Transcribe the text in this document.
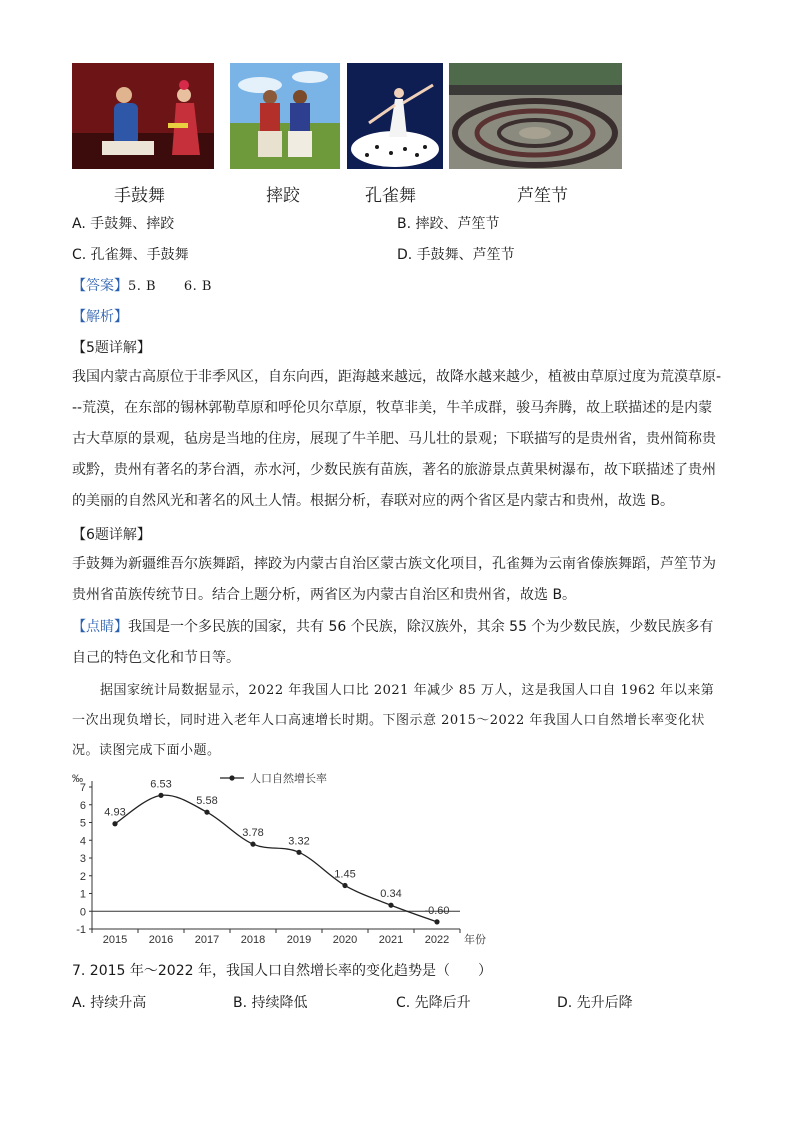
手鼓舞	摔跤	孔雀舞	芦笙节
A. 手鼓舞、摔跤	B. 摔跤、芦笙节
C. 孔雀舞、手鼓舞	D. 手鼓舞、芦笙节
【答案】5. B      6. B
【解析】
【5题详解】

我国内蒙古高原位于非季风区，自东向西，距海越来越远，故降水越来越少，植被由草原过度为荒漠草原---荒漠，在东部的锡林郭勒草原和呼伦贝尔草原，牧草非美，牛羊成群，骏马奔腾，故上联描述的是内蒙古大草原的景观，毡房是当地的住房，展现了牛羊肥、马儿壮的景观；下联描写的是贵州省，贵州简称贵或黔，贵州有著名的茅台酒，赤水河，少数民族有苗族，著名的旅游景点黄果树瀑布，故下联描述了贵州的美丽的自然风光和著名的风土人情。根据分析，春联对应的两个省区是内蒙古和贵州，故选 B。

【6题详解】

手鼓舞为新疆维吾尔族舞蹈，摔跤为内蒙古自治区蒙古族文化项目，孔雀舞为云南省傣族舞蹈，芦笙节为贵州省苗族传统节日。结合上题分析，两省区为内蒙古自治区和贵州省，故选 B。

【点睛】我国是一个多民族的国家，共有 56 个民族，除汉族外，其余 55 个为少数民族，少数民族多有自己的特色文化和节日等。

据国家统计局数据显示，2022 年我国人口比 2021 年减少 85 万人，这是我国人口自 1962 年以来第一次出现负增长，同时进入老年人口高速增长时期。下图示意 2015～2022 年我国人口自然增长率变化状况。读图完成下面小题。

7
6
5
4
3
2
1
0
-1
‰
2015 2016 2017 2018 2019 2020 2021 2022 年份
4.93
6.53
5.58
3.78
3.32
1.45
0.34
-0.60
人口自然增长率
7. 2015 年～2022 年，我国人口自然增长率的变化趋势是（　　）
A. 持续升高	B. 持续降低	C. 先降后升	D. 先升后降
